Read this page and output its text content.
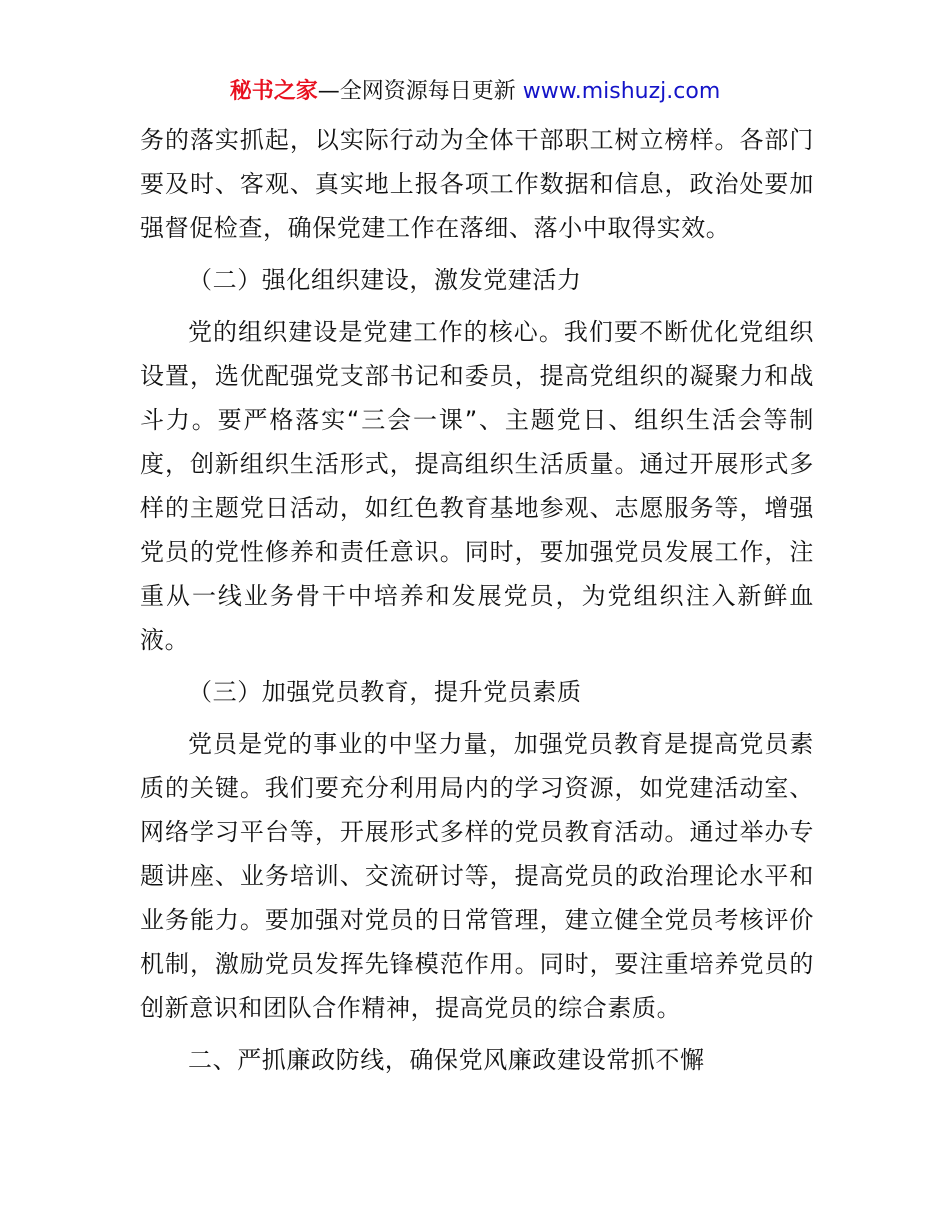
秘书之家—全网资源每日更新 www.mishuzj.com

务的落实抓起，以实际行动为全体干部职工树立榜样。各部门要及时、客观、真实地上报各项工作数据和信息，政治处要加强督促检查，确保党建工作在落细、落小中取得实效。

（二）强化组织建设，激发党建活力

党的组织建设是党建工作的核心。我们要不断优化党组织设置，选优配强党支部书记和委员，提高党组织的凝聚力和战斗力。要严格落实“三会一课”、主题党日、组织生活会等制度，创新组织生活形式，提高组织生活质量。通过开展形式多样的主题党日活动，如红色教育基地参观、志愿服务等，增强党员的党性修养和责任意识。同时，要加强党员发展工作，注重从一线业务骨干中培养和发展党员，为党组织注入新鲜血液。

（三）加强党员教育，提升党员素质

党员是党的事业的中坚力量，加强党员教育是提高党员素质的关键。我们要充分利用局内的学习资源，如党建活动室、网络学习平台等，开展形式多样的党员教育活动。通过举办专题讲座、业务培训、交流研讨等，提高党员的政治理论水平和业务能力。要加强对党员的日常管理，建立健全党员考核评价机制，激励党员发挥先锋模范作用。同时，要注重培养党员的创新意识和团队合作精神，提高党员的综合素质。

二、严抓廉政防线，确保党风廉政建设常抓不懈
